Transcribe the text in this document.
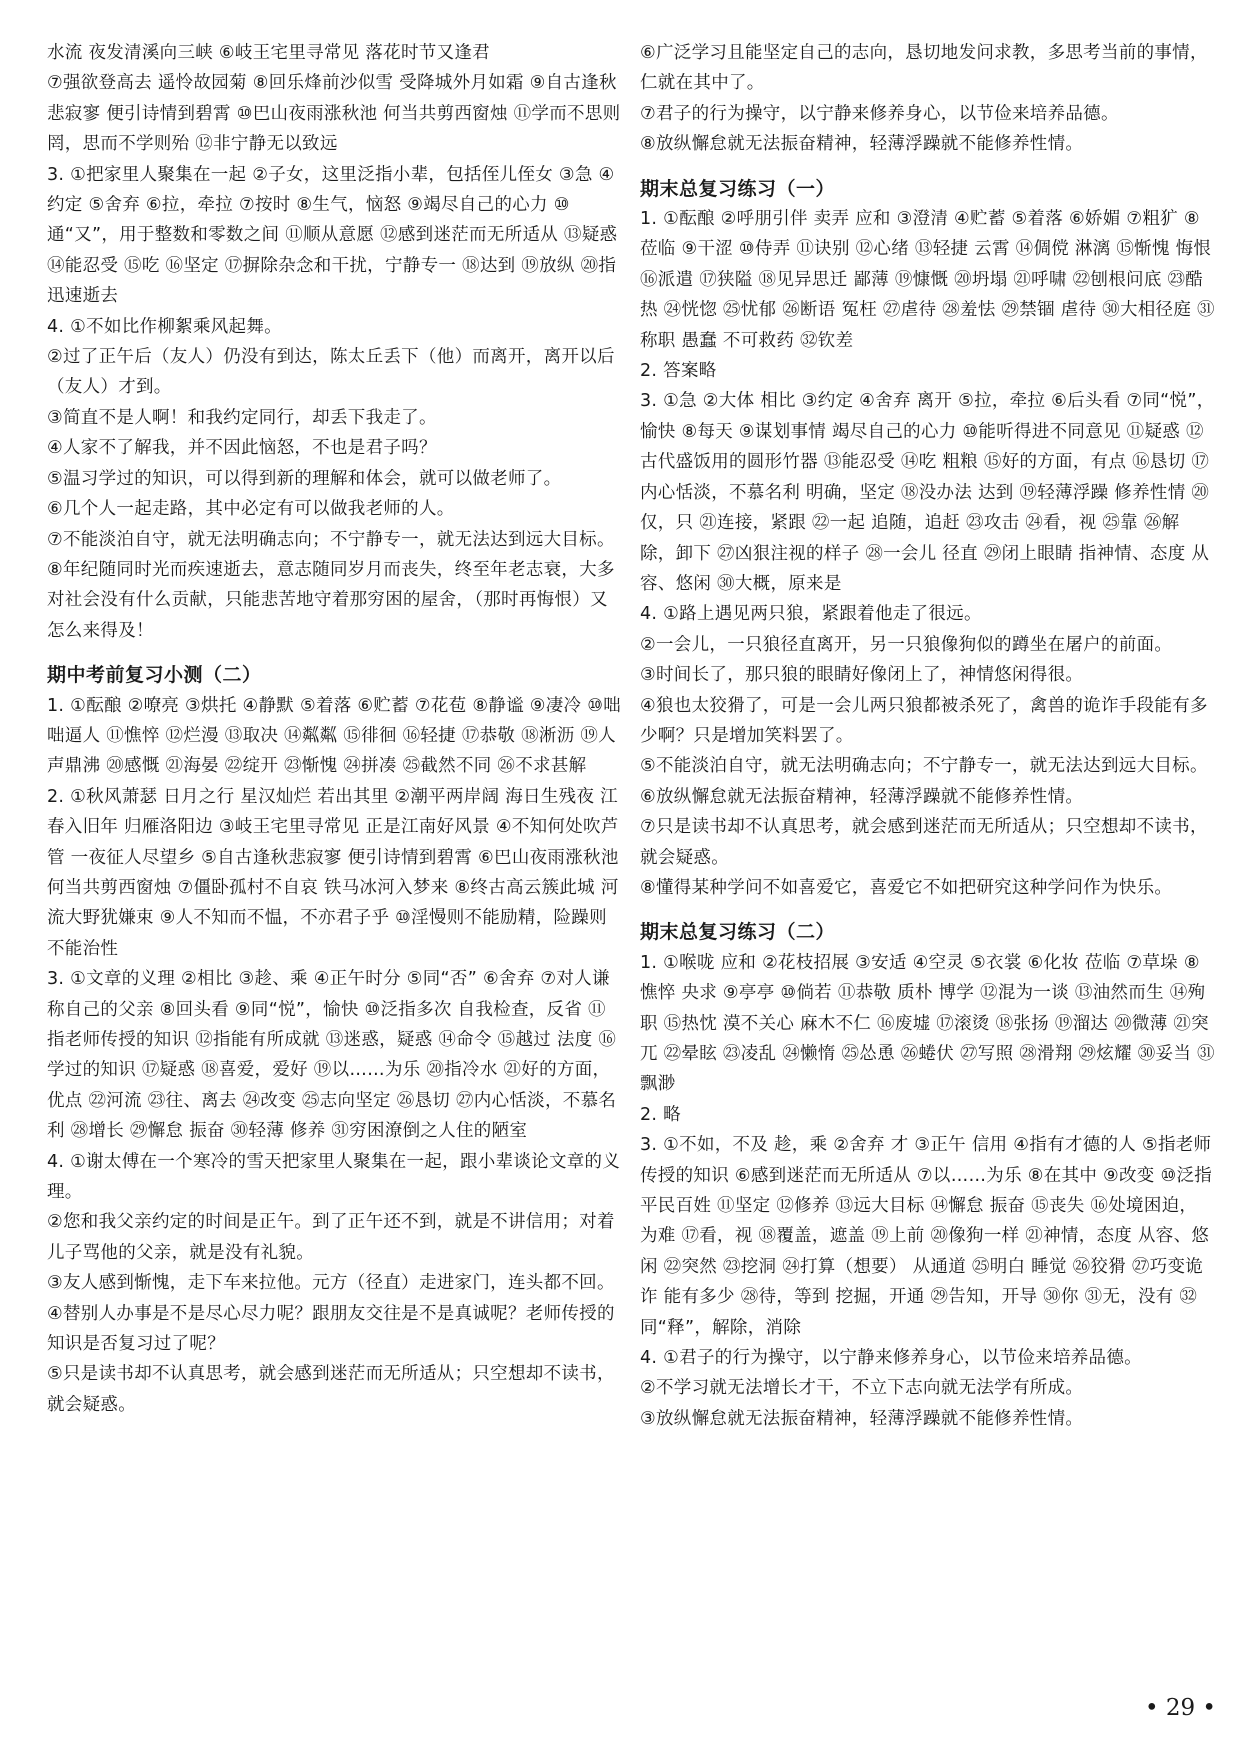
水流 夜发清溪向三峡 ⑥岐王宅里寻常见 落花时节又逢君

⑦强欲登高去 遥怜故园菊 ⑧回乐烽前沙似雪 受降城外月如霜 ⑨自古逢秋悲寂寥 便引诗情到碧霄 ⑩巴山夜雨涨秋池 何当共剪西窗烛 ⑪学而不思则罔，思而不学则殆 ⑫非宁静无以致远

3. ①把家里人聚集在一起 ②子女，这里泛指小辈，包括侄儿侄女 ③急 ④约定 ⑤舍弃 ⑥拉，牵拉 ⑦按时 ⑧生气，恼怒 ⑨竭尽自己的心力 ⑩通“又”，用于整数和零数之间 ⑪顺从意愿 ⑫感到迷茫而无所适从 ⑬疑惑 ⑭能忍受 ⑮吃 ⑯坚定 ⑰摒除杂念和干扰，宁静专一 ⑱达到 ⑲放纵 ⑳指迅速逝去

4. ①不如比作柳絮乘风起舞。

②过了正午后（友人）仍没有到达，陈太丘丢下（他）而离开，离开以后（友人）才到。

③简直不是人啊！和我约定同行，却丢下我走了。

④人家不了解我，并不因此恼怒，不也是君子吗？

⑤温习学过的知识，可以得到新的理解和体会，就可以做老师了。

⑥几个人一起走路，其中必定有可以做我老师的人。

⑦不能淡泊自守，就无法明确志向；不宁静专一，就无法达到远大目标。

⑧年纪随同时光而疾速逝去，意志随同岁月而丧失，终至年老志衰，大多对社会没有什么贡献，只能悲苦地守着那穷困的屋舍，（那时再悔恨）又怎么来得及！

期中考前复习小测（二）

1. ①酝酿 ②嘹亮 ③烘托 ④静默 ⑤着落 ⑥贮蓄 ⑦花苞 ⑧静谧 ⑨凄冷 ⑩咄咄逼人 ⑪憔悴 ⑫烂漫 ⑬取决 ⑭粼粼 ⑮徘徊 ⑯轻捷 ⑰恭敬 ⑱淅沥 ⑲人声鼎沸 ⑳感慨 ㉑海晏 ㉒绽开 ㉓惭愧 ㉔拼凑 ㉕截然不同 ㉖不求甚解

2. ①秋风萧瑟 日月之行 星汉灿烂 若出其里 ②潮平两岸阔 海日生残夜 江春入旧年 归雁洛阳边 ③岐王宅里寻常见 正是江南好风景 ④不知何处吹芦管 一夜征人尽望乡 ⑤自古逢秋悲寂寥 便引诗情到碧霄 ⑥巴山夜雨涨秋池 何当共剪西窗烛 ⑦僵卧孤村不自哀 铁马冰河入梦来 ⑧终古高云簇此城 河流大野犹嫌束 ⑨人不知而不愠，不亦君子乎 ⑩淫慢则不能励精，险躁则不能治性

3. ①文章的义理 ②相比 ③趁、乘 ④正午时分 ⑤同“否” ⑥舍弃 ⑦对人谦称自己的父亲 ⑧回头看 ⑨同“悦”，愉快 ⑩泛指多次 自我检查，反省 ⑪指老师传授的知识 ⑫指能有所成就 ⑬迷惑，疑惑 ⑭命令 ⑮越过 法度 ⑯学过的知识 ⑰疑惑 ⑱喜爱，爱好 ⑲以……为乐 ⑳指冷水 ㉑好的方面，优点 ㉒河流 ㉓往、离去 ㉔改变 ㉕志向坚定 ㉖恳切 ㉗内心恬淡，不慕名利 ㉘增长 ㉙懈怠 振奋 ㉚轻薄 修养 ㉛穷困潦倒之人住的陋室

4. ①谢太傅在一个寒冷的雪天把家里人聚集在一起，跟小辈谈论文章的义理。

②您和我父亲约定的时间是正午。到了正午还不到，就是不讲信用；对着儿子骂他的父亲，就是没有礼貌。

③友人感到惭愧，走下车来拉他。元方（径直）走进家门，连头都不回。

④替别人办事是不是尽心尽力呢？跟朋友交往是不是真诚呢？老师传授的知识是否复习过了呢？

⑤只是读书却不认真思考，就会感到迷茫而无所适从；只空想却不读书，就会疑惑。

⑥广泛学习且能坚定自己的志向，恳切地发问求教，多思考当前的事情，仁就在其中了。

⑦君子的行为操守，以宁静来修养身心，以节俭来培养品德。

⑧放纵懈怠就无法振奋精神，轻薄浮躁就不能修养性情。

期末总复习练习（一）

1. ①酝酿 ②呼朋引伴 卖弄 应和 ③澄清 ④贮蓄 ⑤着落 ⑥娇媚 ⑦粗犷 ⑧莅临 ⑨干涩 ⑩侍弄 ⑪诀别 ⑫心绪 ⑬轻捷 云霄 ⑭倜傥 淋漓 ⑮惭愧 悔恨 ⑯派遣 ⑰狭隘 ⑱见异思迁 鄙薄 ⑲慷慨 ⑳坍塌 ㉑呼啸 ㉒刨根问底 ㉓酷热 ㉔恍惚 ㉕忧郁 ㉖断语 冤枉 ㉗虐待 ㉘羞怯 ㉙禁锢 虐待 ㉚大相径庭 ㉛称职 愚蠢 不可救药 ㉜钦差

2. 答案略

3. ①急 ②大体 相比 ③约定 ④舍弃 离开 ⑤拉，牵拉 ⑥后头看 ⑦同“悦”，愉快 ⑧每天 ⑨谋划事情 竭尽自己的心力 ⑩能听得进不同意见 ⑪疑惑 ⑫古代盛饭用的圆形竹器 ⑬能忍受 ⑭吃 粗粮 ⑮好的方面，有点 ⑯恳切 ⑰内心恬淡，不慕名利 明确，坚定 ⑱没办法 达到 ⑲轻薄浮躁 修养性情 ⑳仅，只 ㉑连接，紧跟 ㉒一起 追随，追赶 ㉓攻击 ㉔看，视 ㉕靠 ㉖解除，卸下 ㉗凶狠注视的样子 ㉘一会儿 径直 ㉙闭上眼睛 指神情、态度 从容、悠闲 ㉚大概，原来是

4. ①路上遇见两只狼，紧跟着他走了很远。

②一会儿，一只狼径直离开，另一只狼像狗似的蹲坐在屠户的前面。

③时间长了，那只狼的眼睛好像闭上了，神情悠闲得很。

④狼也太狡猾了，可是一会儿两只狼都被杀死了，禽兽的诡诈手段能有多少啊？只是增加笑料罢了。

⑤不能淡泊自守，就无法明确志向；不宁静专一，就无法达到远大目标。

⑥放纵懈怠就无法振奋精神，轻薄浮躁就不能修养性情。

⑦只是读书却不认真思考，就会感到迷茫而无所适从；只空想却不读书，就会疑惑。

⑧懂得某种学问不如喜爱它，喜爱它不如把研究这种学问作为快乐。

期末总复习练习（二）

1. ①喉咙 应和 ②花枝招展 ③安适 ④空灵 ⑤衣裳 ⑥化妆 莅临 ⑦草垛 ⑧憔悴 央求 ⑨亭亭 ⑩倘若 ⑪恭敬 质朴 博学 ⑫混为一谈 ⑬油然而生 ⑭殉职 ⑮热忱 漠不关心 麻木不仁 ⑯废墟 ⑰滚烫 ⑱张扬 ⑲溜达 ⑳微薄 ㉑突兀 ㉒晕眩 ㉓凌乱 ㉔懒惰 ㉕怂恿 ㉖蜷伏 ㉗写照 ㉘滑翔 ㉙炫耀 ㉚妥当 ㉛飘渺

2. 略

3. ①不如，不及 趁，乘 ②舍弃 才 ③正午 信用 ④指有才德的人 ⑤指老师传授的知识 ⑥感到迷茫而无所适从 ⑦以……为乐 ⑧在其中 ⑨改变 ⑩泛指平民百姓 ⑪坚定 ⑫修养 ⑬远大目标 ⑭懈怠 振奋 ⑮丧失 ⑯处境困迫，为难 ⑰看，视 ⑱覆盖，遮盖 ⑲上前 ⑳像狗一样 ㉑神情，态度 从容、悠闲 ㉒突然 ㉓挖洞 ㉔打算（想要） 从通道 ㉕明白 睡觉 ㉖狡猾 ㉗巧变诡诈 能有多少 ㉘待，等到 挖掘，开通 ㉙告知，开导 ㉚你 ㉛无，没有 ㉜同“释”，解除，消除

4. ①君子的行为操守，以宁静来修养身心，以节俭来培养品德。

②不学习就无法增长才干，不立下志向就无法学有所成。

③放纵懈怠就无法振奋精神，轻薄浮躁就不能修养性情。

• 29 •
